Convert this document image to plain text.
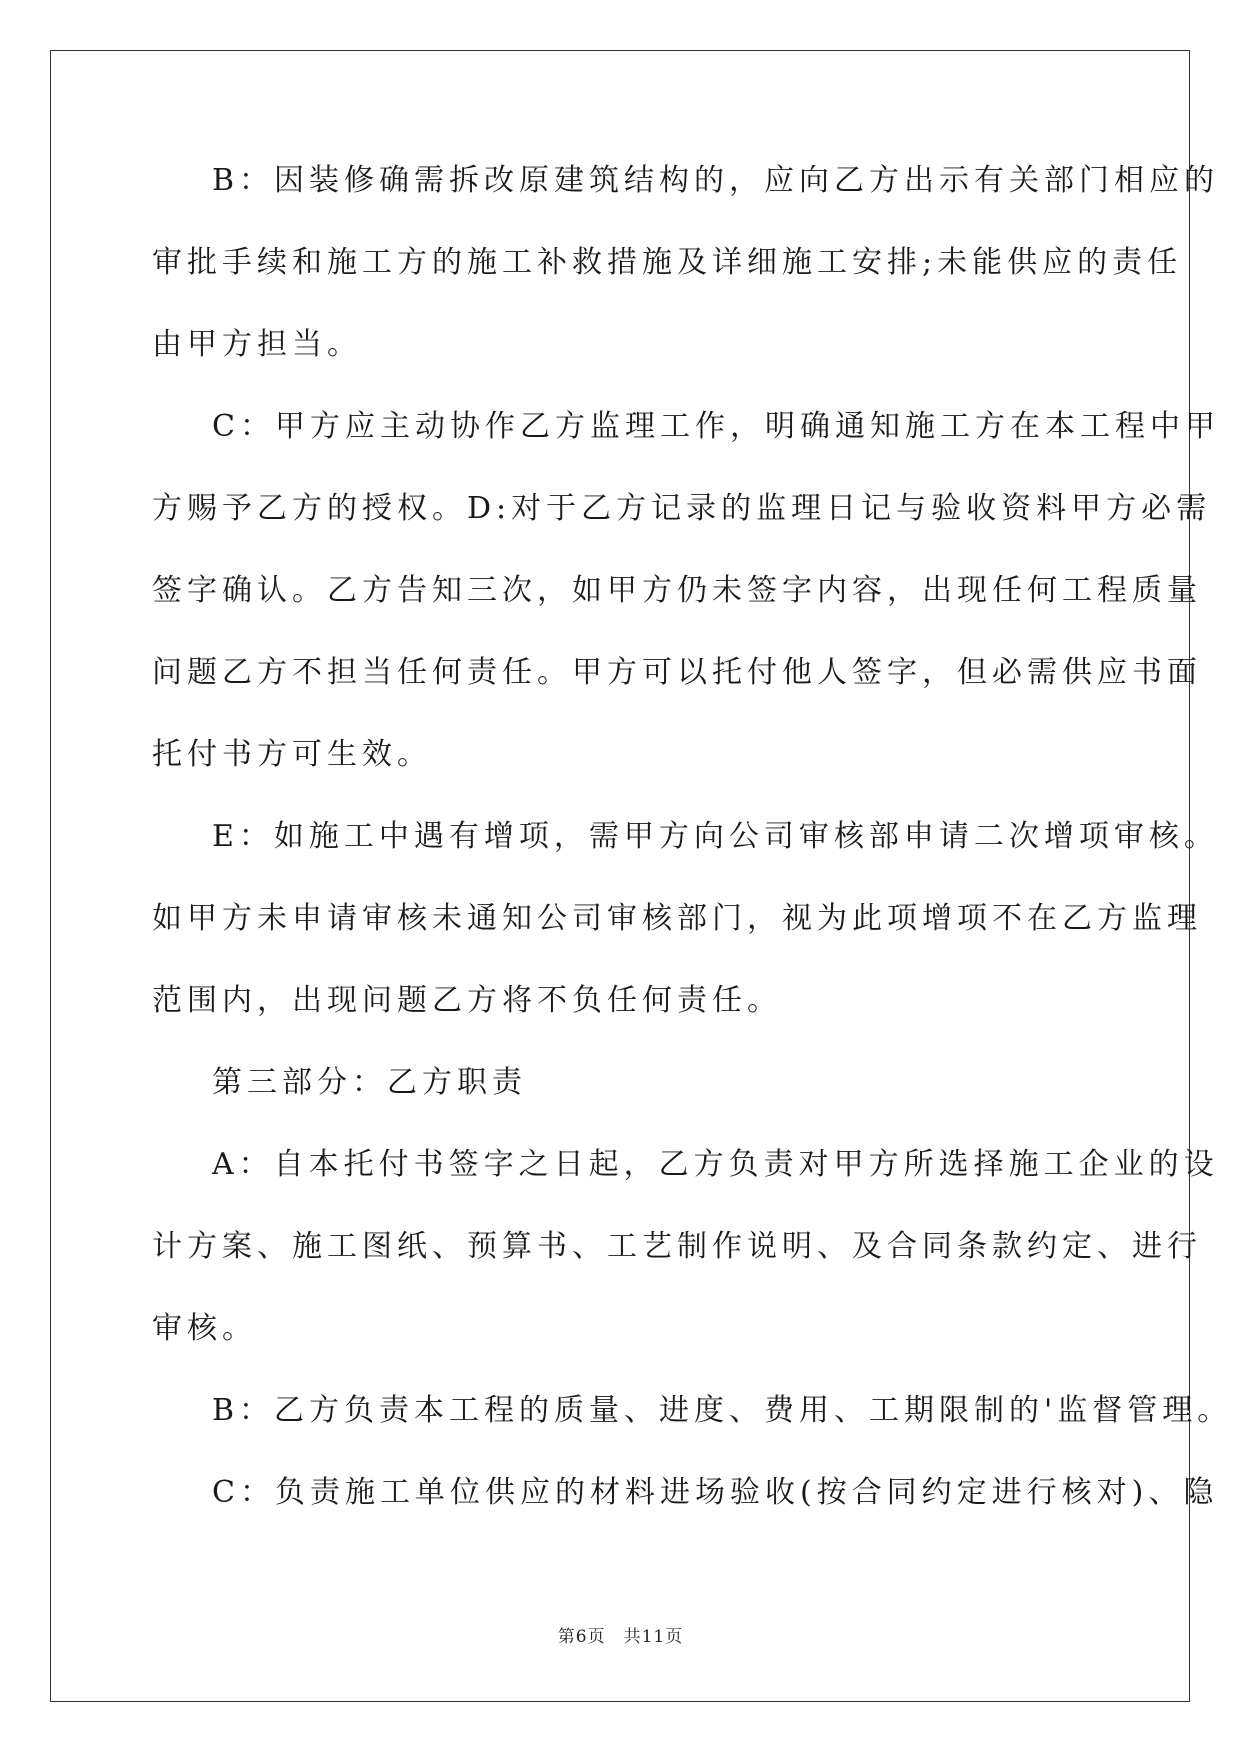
B：因装修确需拆改原建筑结构的，应向乙方出示有关部门相应的
审批手续和施工方的施工补救措施及详细施工安排;未能供应的责任
由甲方担当。
C：甲方应主动协作乙方监理工作，明确通知施工方在本工程中甲
方赐予乙方的授权。D:对于乙方记录的监理日记与验收资料甲方必需
签字确认。乙方告知三次，如甲方仍未签字内容，出现任何工程质量
问题乙方不担当任何责任。甲方可以托付他人签字，但必需供应书面
托付书方可生效。
E：如施工中遇有增项，需甲方向公司审核部申请二次增项审核。
如甲方未申请审核未通知公司审核部门，视为此项增项不在乙方监理
范围内，出现问题乙方将不负任何责任。
第三部分：乙方职责
A：自本托付书签字之日起，乙方负责对甲方所选择施工企业的设
计方案、施工图纸、预算书、工艺制作说明、及合同条款约定、进行
审核。
B：乙方负责本工程的质量、进度、费用、工期限制的'监督管理。
C：负责施工单位供应的材料进场验收(按合同约定进行核对)、隐
第6页 共11页
